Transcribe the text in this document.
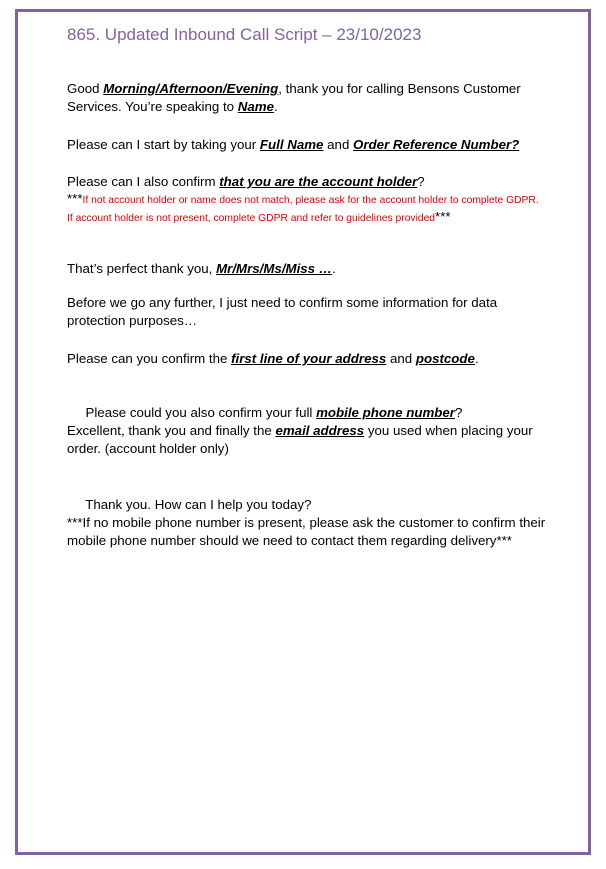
865. Updated Inbound Call Script – 23/10/2023

Good Morning/Afternoon/Evening, thank you for calling Bensons Customer Services. You’re speaking to Name.

Please can I start by taking your Full Name and Order Reference Number?

Please can I also confirm that you are the account holder?

***If not account holder or name does not match, please ask for the account holder to complete GDPR. If account holder is not present, complete GDPR and refer to guidelines provided***

That’s perfect thank you, Mr/Mrs/Ms/Miss ….

Before we go any further, I just need to confirm some information for data protection purposes…

Please can you confirm the first line of your address and postcode.

Please could you also confirm your full mobile phone number?

Excellent, thank you and finally the email address you used when placing your order. (account holder only)

Thank you. How can I help you today?

***If no mobile phone number is present, please ask the customer to confirm their mobile phone number should we need to contact them regarding delivery***
